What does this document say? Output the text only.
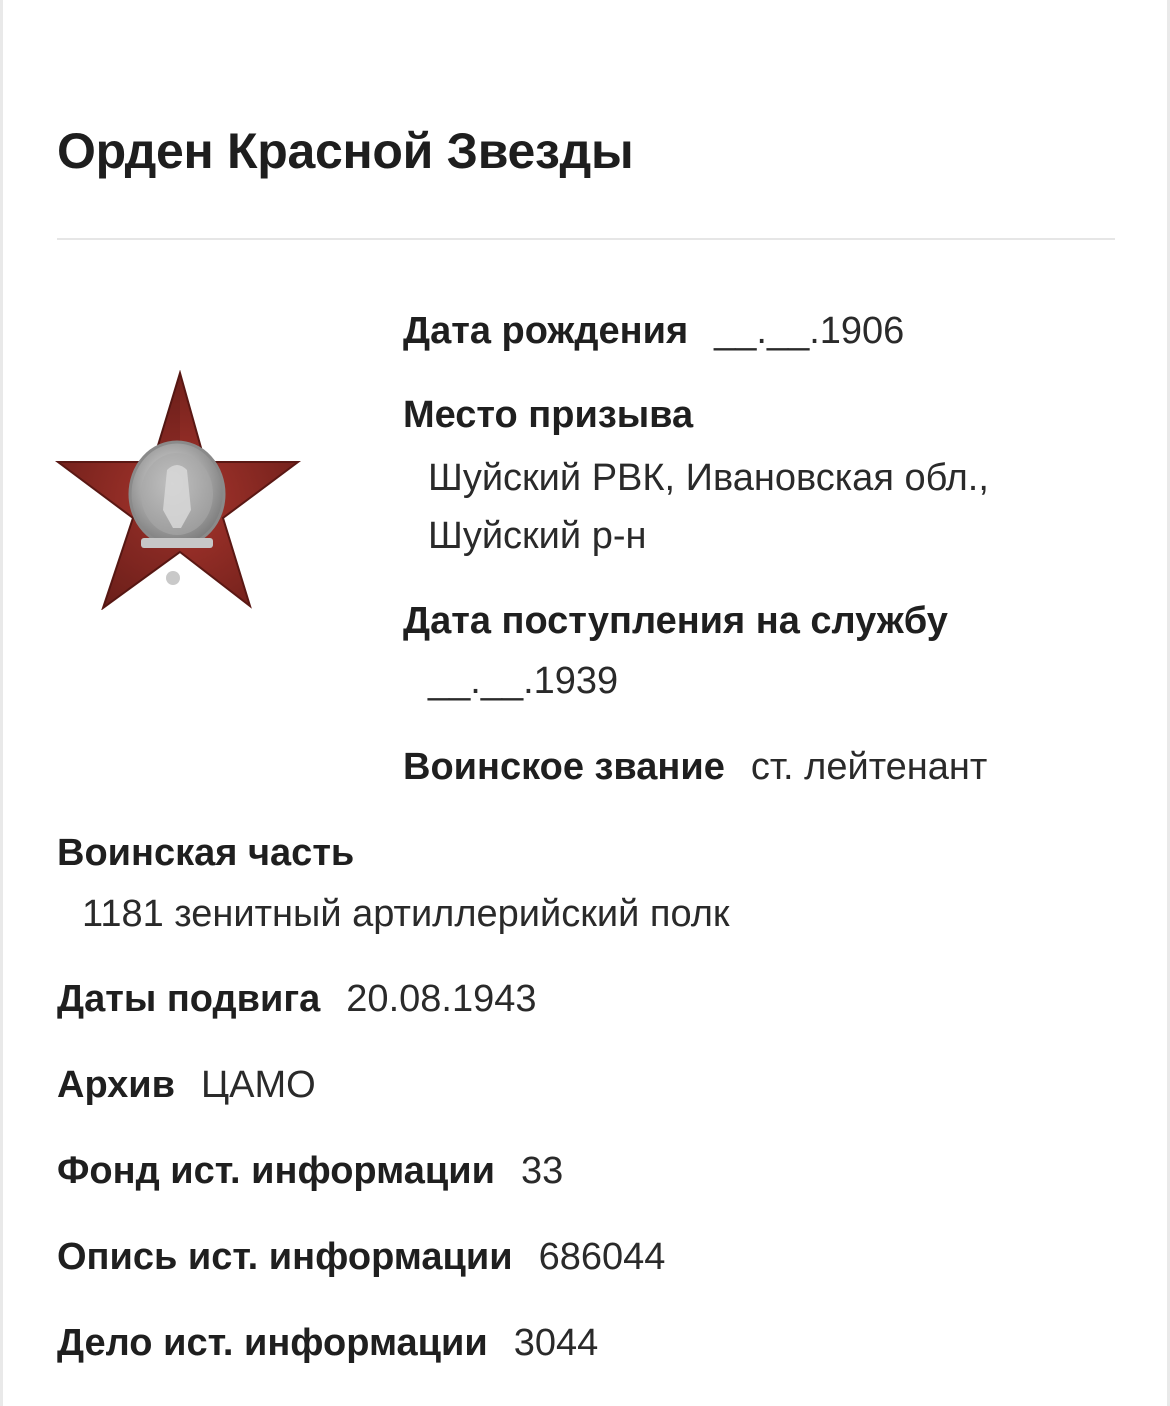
Орден Красной Звезды
Дата рождения __.__.1906
Место призыва
Шуйский РВК, Ивановская обл.,
Шуйский р-н
Дата поступления на службу
__.__.1939
Воинское звание ст. лейтенант
Воинская часть
1181 зенитный артиллерийский полк
Даты подвига 20.08.1943
Архив ЦАМО
Фонд ист. информации 33
Опись ист. информации 686044
Дело ист. информации 3044
